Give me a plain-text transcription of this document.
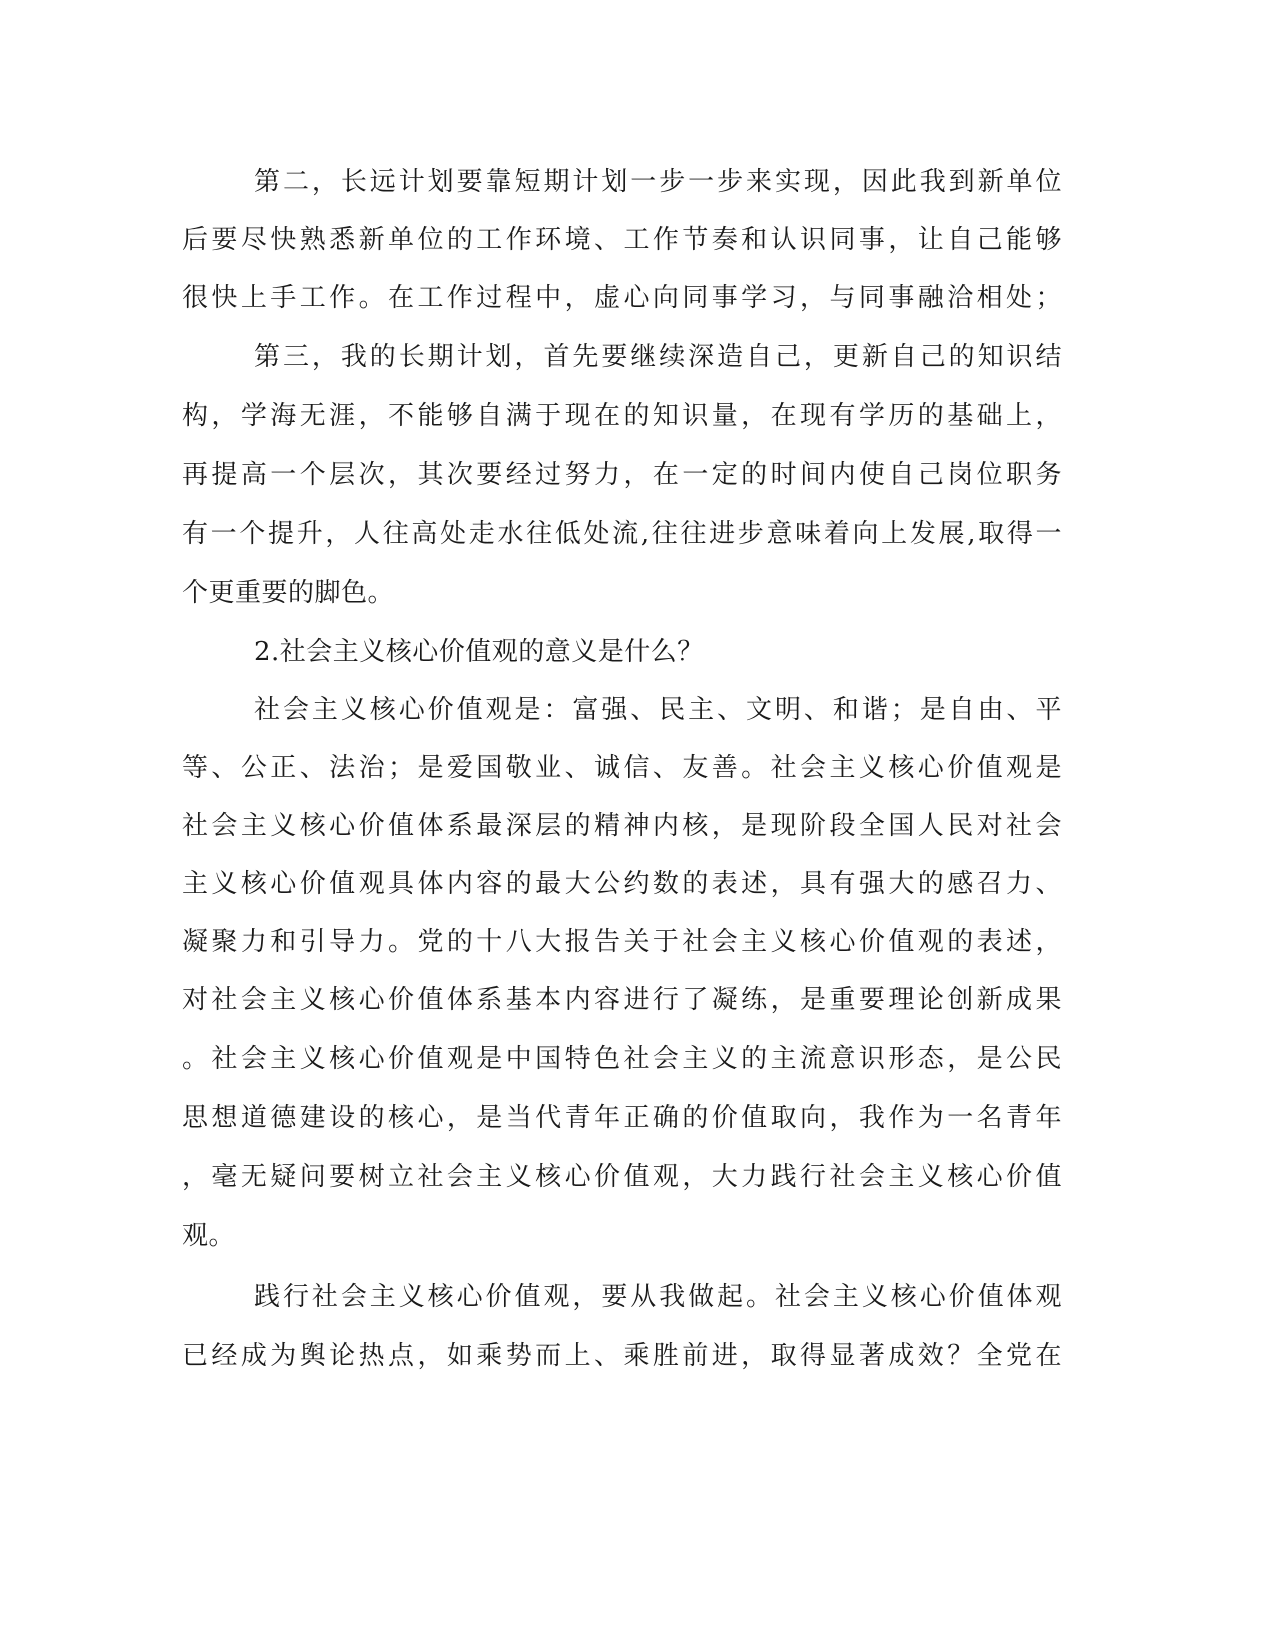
第二，长远计划要靠短期计划一步一步来实现，因此我到新单位

后要尽快熟悉新单位的工作环境、工作节奏和认识同事，让自己能够

很快上手工作。在工作过程中，虚心向同事学习，与同事融洽相处；

第三，我的长期计划，首先要继续深造自己，更新自己的知识结

构，学海无涯，不能够自满于现在的知识量，在现有学历的基础上，

再提高一个层次，其次要经过努力，在一定的时间内使自己岗位职务

有一个提升，人往高处走水往低处流,往往进步意味着向上发展,取得一

个更重要的脚色。

2.社会主义核心价值观的意义是什么？

社会主义核心价值观是：富强、民主、文明、和谐；是自由、平

等、公正、法治；是爱国敬业、诚信、友善。社会主义核心价值观是

社会主义核心价值体系最深层的精神内核，是现阶段全国人民对社会

主义核心价值观具体内容的最大公约数的表述，具有强大的感召力、

凝聚力和引导力。党的十八大报告关于社会主义核心价值观的表述，

对社会主义核心价值体系基本内容进行了凝练，是重要理论创新成果

。社会主义核心价值观是中国特色社会主义的主流意识形态，是公民

思想道德建设的核心，是当代青年正确的价值取向，我作为一名青年

，毫无疑问要树立社会主义核心价值观，大力践行社会主义核心价值

观。

践行社会主义核心价值观，要从我做起。社会主义核心价值体观

已经成为舆论热点，如乘势而上、乘胜前进，取得显著成效？全党在
